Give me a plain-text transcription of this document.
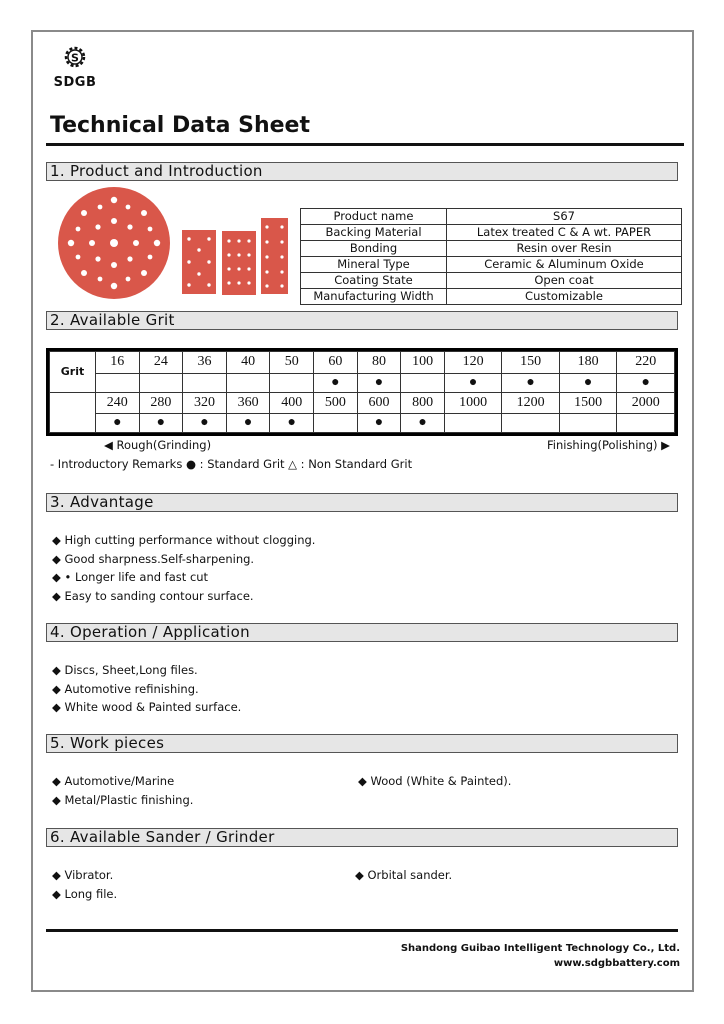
S
SDGB
Technical Data Sheet
1. Product and Introduction
Product name	S67
Backing Material	Latex treated C & A wt. PAPER
Bonding	Resin over Resin
Mineral Type	Ceramic & Aluminum Oxide
Coating State	Open coat
Manufacturing Width	Customizable
2. Available Grit
Grit	16	24	36	40	50	60	80	100	120	150	180	220
						●	●		●	●	●	●
	240	280	320	360	400	500	600	800	1000	1200	1500	2000
	●	●	●	●	●		●	●				
◀ Rough(Grinding)	Finishing(Polishing) ▶
- Introductory Remarks ● : Standard Grit △ : Non Standard Grit
3. Advantage
◆ High cutting performance without clogging.
◆ Good sharpness.Self-sharpening.
◆ • Longer life and fast cut
◆ Easy to sanding contour surface.
4. Operation / Application
◆ Discs, Sheet,Long files.
◆ Automotive refinishing.
◆ White wood & Painted surface.
5. Work pieces
◆ Automotive/Marine
◆ Metal/Plastic finishing.
◆ Wood (White & Painted).
6. Available Sander / Grinder
◆ Vibrator.
◆ Long file.
◆ Orbital sander.
Shandong Guibao Intelligent Technology Co., Ltd.
www.sdgbbattery.com
